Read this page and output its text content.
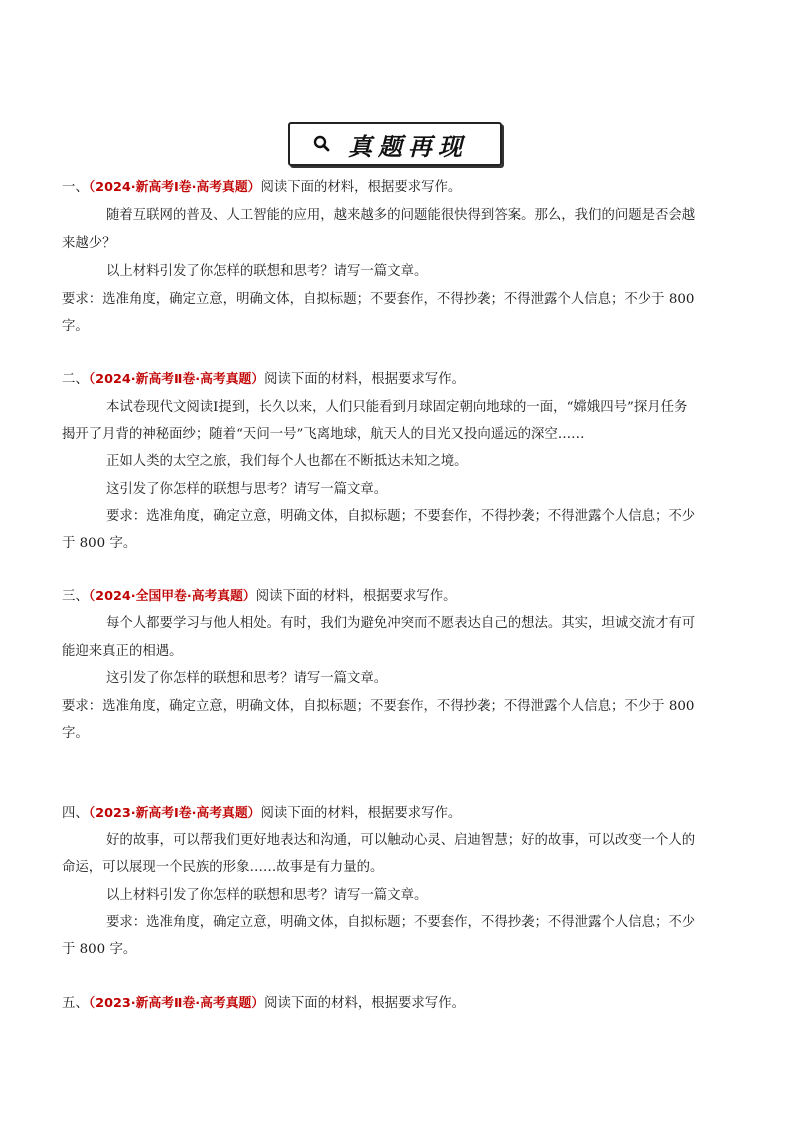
真题再现
一、（2024·新高考Ⅰ卷·高考真题）阅读下面的材料，根据要求写作。
随着互联网的普及、人工智能的应用，越来越多的问题能很快得到答案。那么，我们的问题是否会越
来越少？
以上材料引发了你怎样的联想和思考？请写一篇文章。
要求：选准角度，确定立意，明确文体，自拟标题；不要套作，不得抄袭；不得泄露个人信息；不少于 800
字。
二、（2024·新高考Ⅱ卷·高考真题）阅读下面的材料，根据要求写作。
本试卷现代文阅读Ⅰ提到，长久以来，人们只能看到月球固定朝向地球的一面，“嫦娥四号”探月任务
揭开了月背的神秘面纱；随着“天问一号”飞离地球，航天人的目光又投向遥远的深空……
正如人类的太空之旅，我们每个人也都在不断抵达未知之境。
这引发了你怎样的联想与思考？请写一篇文章。
要求：选准角度，确定立意，明确文体，自拟标题；不要套作，不得抄袭；不得泄露个人信息；不少
于 800 字。
三、（2024·全国甲卷·高考真题）阅读下面的材料，根据要求写作。
每个人都要学习与他人相处。有时，我们为避免冲突而不愿表达自己的想法。其实，坦诚交流才有可
能迎来真正的相遇。
这引发了你怎样的联想和思考？请写一篇文章。
要求：选准角度，确定立意，明确文体，自拟标题；不要套作，不得抄袭；不得泄露个人信息；不少于 800
字。
四、（2023·新高考Ⅰ卷·高考真题）阅读下面的材料，根据要求写作。
好的故事，可以帮我们更好地表达和沟通，可以触动心灵、启迪智慧；好的故事，可以改变一个人的
命运，可以展现一个民族的形象……故事是有力量的。
以上材料引发了你怎样的联想和思考？请写一篇文章。
要求：选准角度，确定立意，明确文体，自拟标题；不要套作，不得抄袭；不得泄露个人信息；不少
于 800 字。
五、（2023·新高考Ⅱ卷·高考真题）阅读下面的材料，根据要求写作。
